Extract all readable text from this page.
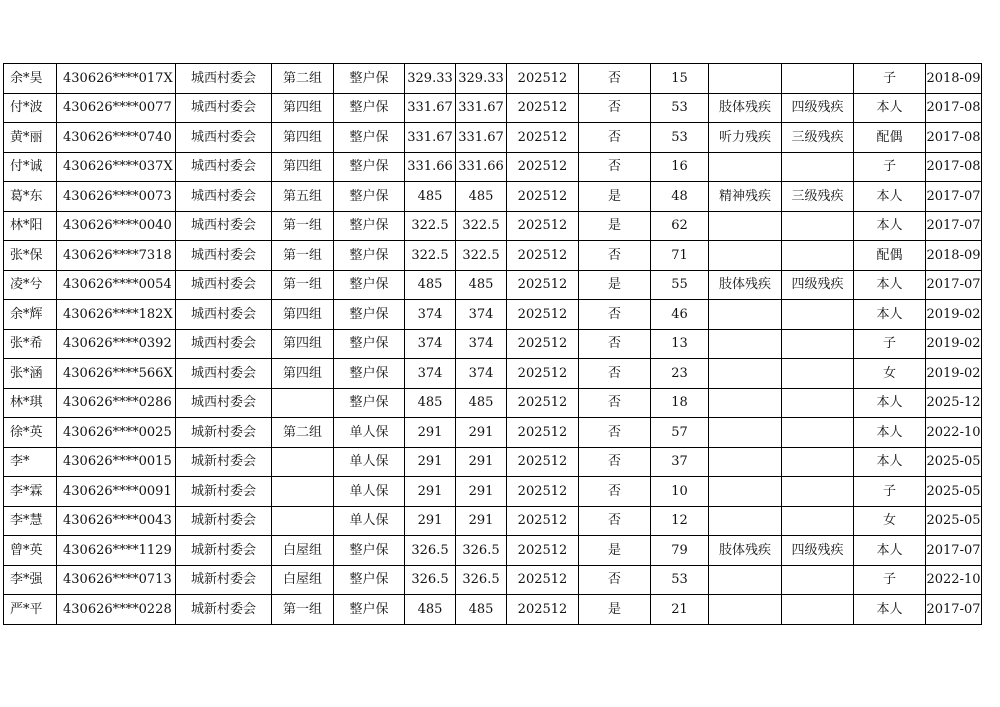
余*昊	430626****017X	城西村委会	第二组	整户保	329.33	329.33	202512	否	15			子	2018-09
付*波	430626****0077	城西村委会	第四组	整户保	331.67	331.67	202512	否	53	肢体残疾	四级残疾	本人	2017-08
黄*丽	430626****0740	城西村委会	第四组	整户保	331.67	331.67	202512	否	53	听力残疾	三级残疾	配偶	2017-08
付*诚	430626****037X	城西村委会	第四组	整户保	331.66	331.66	202512	否	16			子	2017-08
葛*东	430626****0073	城西村委会	第五组	整户保	485	485	202512	是	48	精神残疾	三级残疾	本人	2017-07
林*阳	430626****0040	城西村委会	第一组	整户保	322.5	322.5	202512	是	62			本人	2017-07
张*保	430626****7318	城西村委会	第一组	整户保	322.5	322.5	202512	否	71			配偶	2018-09
凌*兮	430626****0054	城西村委会	第一组	整户保	485	485	202512	是	55	肢体残疾	四级残疾	本人	2017-07
余*辉	430626****182X	城西村委会	第四组	整户保	374	374	202512	否	46			本人	2019-02
张*希	430626****0392	城西村委会	第四组	整户保	374	374	202512	否	13			子	2019-02
张*涵	430626****566X	城西村委会	第四组	整户保	374	374	202512	否	23			女	2019-02
林*琪	430626****0286	城西村委会		整户保	485	485	202512	否	18			本人	2025-12
徐*英	430626****0025	城新村委会	第二组	单人保	291	291	202512	否	57			本人	2022-10
李*	430626****0015	城新村委会		单人保	291	291	202512	否	37			本人	2025-05
李*霖	430626****0091	城新村委会		单人保	291	291	202512	否	10			子	2025-05
李*慧	430626****0043	城新村委会		单人保	291	291	202512	否	12			女	2025-05
曾*英	430626****1129	城新村委会	白屋组	整户保	326.5	326.5	202512	是	79	肢体残疾	四级残疾	本人	2017-07
李*强	430626****0713	城新村委会	白屋组	整户保	326.5	326.5	202512	否	53			子	2022-10
严*平	430626****0228	城新村委会	第一组	整户保	485	485	202512	是	21			本人	2017-07
